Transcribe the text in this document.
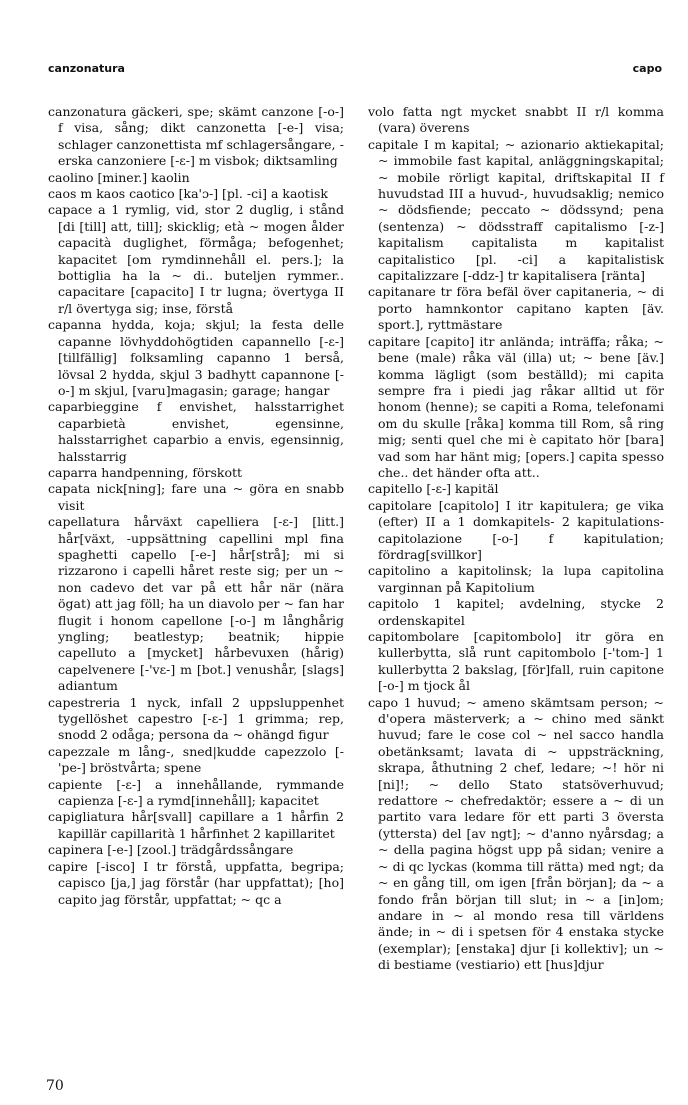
canzonatura	capo

canzonatura gäckeri, spe; skämt canzone [-o-] f visa, sång; dikt canzonetta [-e-] visa; schlager canzonettista mf schlagersångare, -erska canzoniere [-ɛ-] m visbok; diktsamling

caolino [miner.] kaolin

caos m kaos caotico [ka'ɔ-] [pl. -ci] a kaotisk

capace a 1 rymlig, vid, stor 2 duglig, i stånd [di [till] att, till]; skicklig; età ~ mogen ålder capacità duglighet, förmåga; befogenhet; kapacitet [om rymdinnehåll el. pers.]; la bottiglia ha la ~ di.. buteljen rymmer.. capacitare [capacito] I tr lugna; övertyga II r/l övertyga sig; inse, förstå

capanna hydda, koja; skjul; la festa delle capanne lövhyddohögtiden capannello [-ɛ-] [tillfällig] folksamling capanno 1 berså, lövsal 2 hydda, skjul 3 badhytt capannone [-o-] m skjul, [varu]magasin; garage; hangar

caparbieggine f envishet, halsstarrighet caparbietà envishet, egensinne, halsstarrighet caparbio a envis, egensinnig, halsstarrig

caparra handpenning, förskott

capata nick[ning]; fare una ~ göra en snabb visit

capellatura hårväxt capelliera [-ɛ-] [litt.] hår[växt, -uppsättning capellini mpl fina spaghetti capello [-e-] hår[strå]; mi si rizzarono i capelli håret reste sig; per un ~ non cadevo det var på ett hår när (nära ögat) att jag föll; ha un diavolo per ~ fan har flugit i honom capellone [-o-] m långhårig yngling; beatlestyp; beatnik; hippie capelluto a [mycket] hårbevuxen (hårig) capelvenere [-'vɛ-] m [bot.] venushår, [slags] adiantum

capestreria 1 nyck, infall 2 uppsluppenhet tygellöshet capestro [-ɛ-] 1 grimma; rep, snodd 2 odåga; persona da ~ ohängd figur

capezzale m lång-, sned|kudde capezzolo [-'pe-] bröstvårta; spene

capiente [-ɛ-] a innehållande, rymmande capienza [-ɛ-] a rymd[innehåll]; kapacitet

capigliatura hår[svall] capillare a 1 hårfin 2 kapillär capillarità 1 hårfinhet 2 kapillaritet

capinera [-e-] [zool.] trädgårdssångare

capire [-isco] I tr förstå, uppfatta, begripa; capisco [ja,] jag förstår (har uppfattat); [ho] capito jag förstår, uppfattat; ~ qc a

volo fatta ngt mycket snabbt II r/l komma (vara) överens

capitale I m kapital; ~ azionario aktiekapital; ~ immobile fast kapital, anläggningskapital; ~ mobile rörligt kapital, driftskapital II f huvudstad III a huvud-, huvudsaklig; nemico ~ dödsfiende; peccato ~ dödssynd; pena (sentenza) ~ dödsstraff capitalismo [-z-] kapitalism capitalista m kapitalist capitalistico [pl. -ci] a kapitalistisk capitalizzare [-ddz-] tr kapitalisera [ränta]

capitanare tr föra befäl över capitaneria, ~ di porto hamnkontor capitano kapten [äv. sport.], ryttmästare

capitare [capito] itr anlända; inträffa; råka; ~ bene (male) råka väl (illa) ut; ~ bene [äv.] komma lägligt (som beställd); mi capita sempre fra i piedi jag råkar alltid ut för honom (henne); se capiti a Roma, telefonami om du skulle [råka] komma till Rom, så ring mig; senti quel che mi è capitato hör [bara] vad som har hänt mig; [opers.] capita spesso che.. det händer ofta att..

capitello [-ɛ-] kapitäl

capitolare [capitolo] I itr kapitulera; ge vika (efter) II a 1 domkapitels- 2 kapitulations- capitolazione [-o-] f kapitulation; fördrag[svillkor]

capitolino a kapitolinsk; la lupa capitolina varginnan på Kapitolium

capitolo 1 kapitel; avdelning, stycke 2 ordenskapitel

capitombolare [capitombolo] itr göra en kullerbytta, slå runt capitombolo [-'tom-] 1 kullerbytta 2 bakslag, [för]fall, ruin capitone [-o-] m tjock ål

capo 1 huvud; ~ ameno skämtsam person; ~ d'opera mästerverk; a ~ chino med sänkt huvud; fare le cose col ~ nel sacco handla obetänksamt; lavata di ~ uppsträckning, skrapa, åthutning 2 chef, ledare; ~! hör ni [ni]!; ~ dello Stato statsöverhuvud; redattore ~ chefredaktör; essere a ~ di un partito vara ledare för ett parti 3 översta (yttersta) del [av ngt]; ~ d'anno nyårsdag; a ~ della pagina högst upp på sidan; venire a ~ di qc lyckas (komma till rätta) med ngt; da ~ en gång till, om igen [från början]; da ~ a fondo från början till slut; in ~ a [in]om; andare in ~ al mondo resa till världens ände; in ~ di i spetsen för 4 enstaka stycke (exemplar); [enstaka] djur [i kollektiv]; un ~ di bestiame (vestiario) ett [hus]djur

70
